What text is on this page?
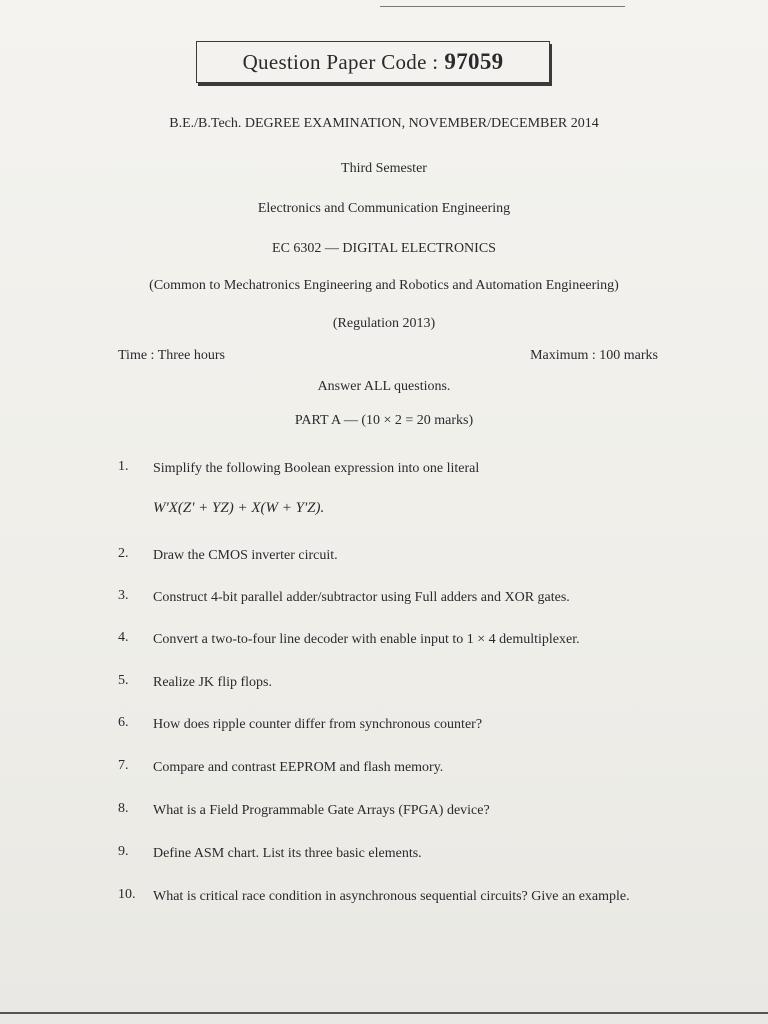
Question Paper Code : 97059
B.E./B.Tech. DEGREE EXAMINATION, NOVEMBER/DECEMBER 2014
Third Semester
Electronics and Communication Engineering
EC 6302 — DIGITAL ELECTRONICS
(Common to Mechatronics Engineering and Robotics and Automation Engineering)
(Regulation 2013)
Time : Three hours	Maximum : 100 marks
Answer ALL questions.
PART A — (10 × 2 = 20 marks)
1.	Simplify the following Boolean expression into one literal
W'X(Z' + YZ) + X(W + Y'Z).
2.	Draw the CMOS inverter circuit.
3.	Construct 4-bit parallel adder/subtractor using Full adders and XOR gates.
4.	Convert a two-to-four line decoder with enable input to 1 × 4 demultiplexer.
5.	Realize JK flip flops.
6.	How does ripple counter differ from synchronous counter?
7.	Compare and contrast EEPROM and flash memory.
8.	What is a Field Programmable Gate Arrays (FPGA) device?
9.	Define ASM chart. List its three basic elements.
10.	What is critical race condition in asynchronous sequential circuits? Give an example.
